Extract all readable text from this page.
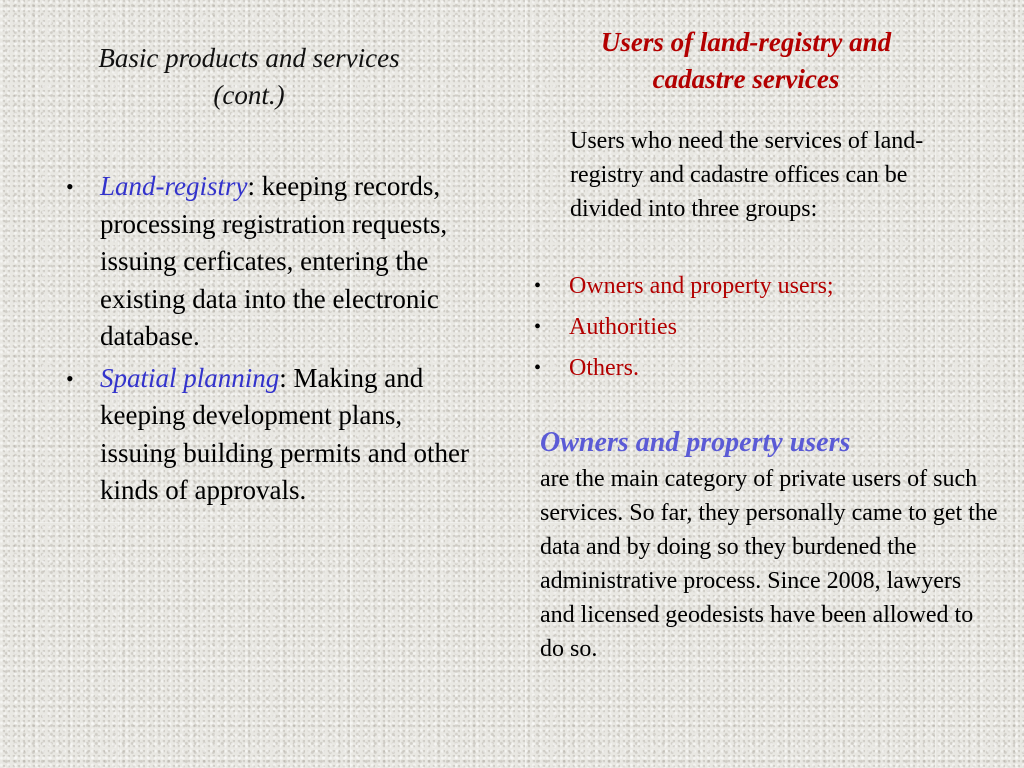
Basic products and services
(cont.)
• Land-registry: keeping records, processing registration requests, issuing cerficates, entering the existing data into the electronic database.
• Spatial planning: Making and keeping development plans, issuing building permits and other kinds of approvals.
Users of land-registry and
cadastre services

Users who need the services of land-registry and cadastre offices can be divided into three groups:

• Owners and property users;
• Authorities
• Others.
Owners and property users

are the main category of private users of such services. So far, they personally came to get the data and by doing so they burdened the administrative process. Since 2008, lawyers and licensed geodesists have been allowed to do so.
